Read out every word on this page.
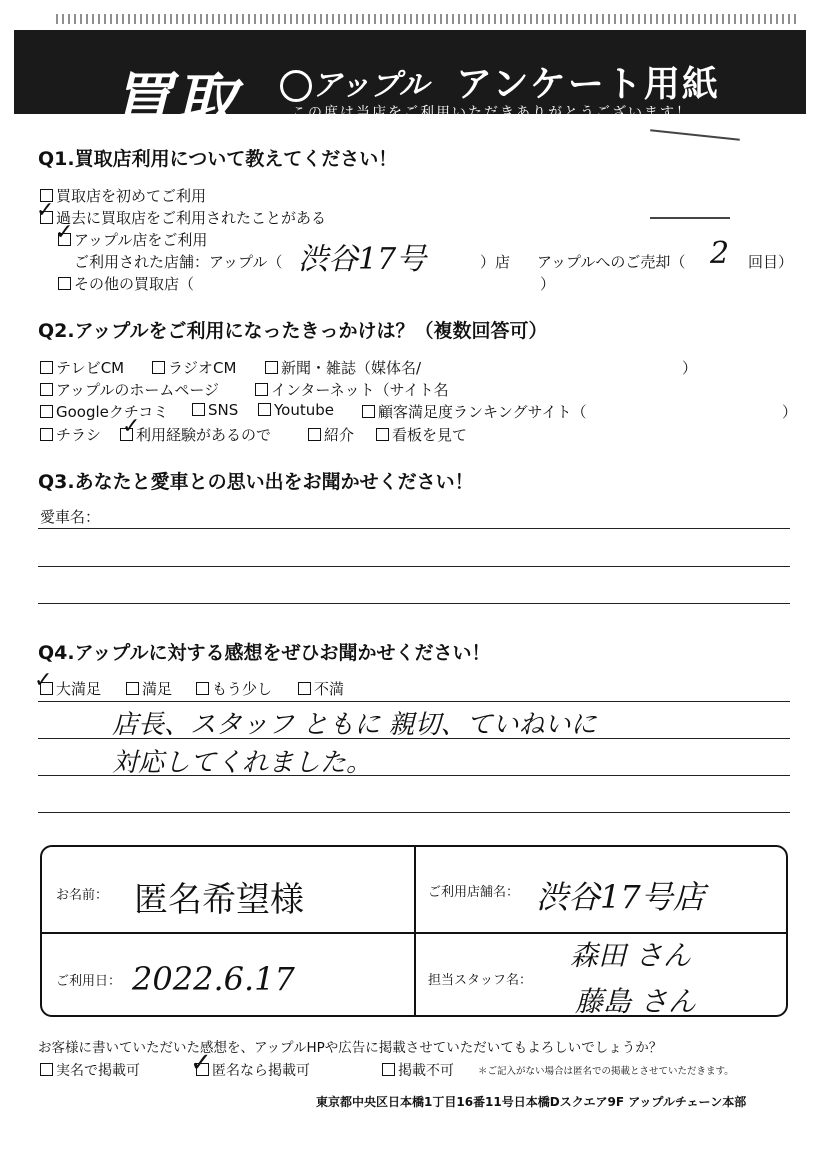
買取 アップル アンケート用紙
この度は当店をご利用いただきありがとうございます！
Q1.買取店利用について教えてください！
買取店を初めてご利用
過去に買取店をご利用されたことがある
✓
アップル店をご利用
✓
ご利用された店舗：アップル（ 渋谷17号	）店 アップルへのご売却（ 2 回目）
その他の買取店（	）
Q2.アップルをご利用になったきっかけは？（複数回答可）
テレビCM	ラジオCM	新聞・雑誌（媒体名/	）
アップルのホームページ	インターネット（サイト名
Googleクチコミ	SNS	Youtube	顧客満足度ランキングサイト（	）
チラシ	利用経験があるので
✓	紹介	看板を見て
Q3.あなたと愛車との思い出をお聞かせください！
愛車名：
Q4.アップルに対する感想をぜひお聞かせください！
大満足
✓	満足	もう少し	不満
店長、スタッフ ともに 親切、ていねいに
対応してくれました。
お名前： 匿名希望様	ご利用店舗名： 渋谷17号店
ご利用日： 2022.6.17	担当スタッフ名：
森田 さん
藤島 さん
お客様に書いていただいた感想を、アップルHPや広告に掲載させていただいてもよろしいでしょうか？
実名で掲載可	匿名なら掲載可
✓	掲載不可	＊ご記入がない場合は匿名での掲載とさせていただきます。
東京都中央区日本橋1丁目16番11号日本橋Dスクエア9F アップルチェーン本部
